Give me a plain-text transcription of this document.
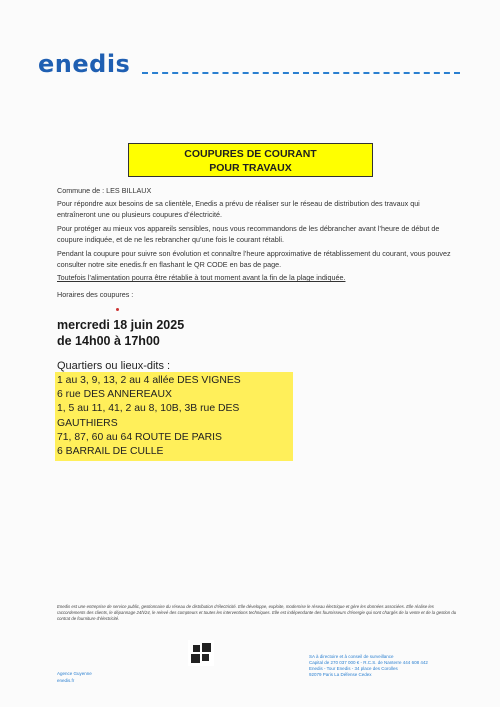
enedis
COUPURES DE COURANT
POUR TRAVAUX
Commune de : LES BILLAUX
Pour répondre aux besoins de sa clientèle, Enedis a prévu de réaliser sur le réseau de distribution des travaux qui entraîneront une ou plusieurs coupures d’électricité.
Pour protéger au mieux vos appareils sensibles, nous vous recommandons de les débrancher avant l’heure de début de coupure indiquée, et de ne les rebrancher qu’une fois le courant rétabli.
Pendant la coupure pour suivre son évolution et connaître l’heure approximative de rétablissement du courant, vous pouvez consulter notre site enedis.fr en flashant le QR CODE en bas de page.
Toutefois l’alimentation pourra être rétablie à tout moment avant la fin de la plage indiquée.
Horaires des coupures :
mercredi 18 juin 2025
de 14h00 à 17h00
Quartiers ou lieux-dits :
1 au 3, 9, 13, 2 au 4 allée DES VIGNES
6 rue DES ANNEREAUX
1, 5 au 11, 41, 2 au 8, 10B, 3B rue DES GAUTHIERS
71, 87, 60 au 64 ROUTE DE PARIS
6 BARRAIL DE CULLE
Enedis est une entreprise de service public, gestionnaire du réseau de distribution d’électricité. Elle développe, exploite, modernise le réseau électrique et gère les données associées. Elle réalise les raccordements des clients, le dépannage 24h/24, le relevé des compteurs et toutes les interventions techniques. Elle est indépendante des fournisseurs d’énergie qui sont chargés de la vente et de la gestion du contrat de fourniture d’électricité.
Agence Guyenne
enedis.fr
SA à directoire et à conseil de surveillance
Capital de 270 037 000 € - R.C.S. de Nanterre 444 608 442
Enedis - Tour Enedis - 34 place des Corolles
92079 Paris La Défense Cedex
